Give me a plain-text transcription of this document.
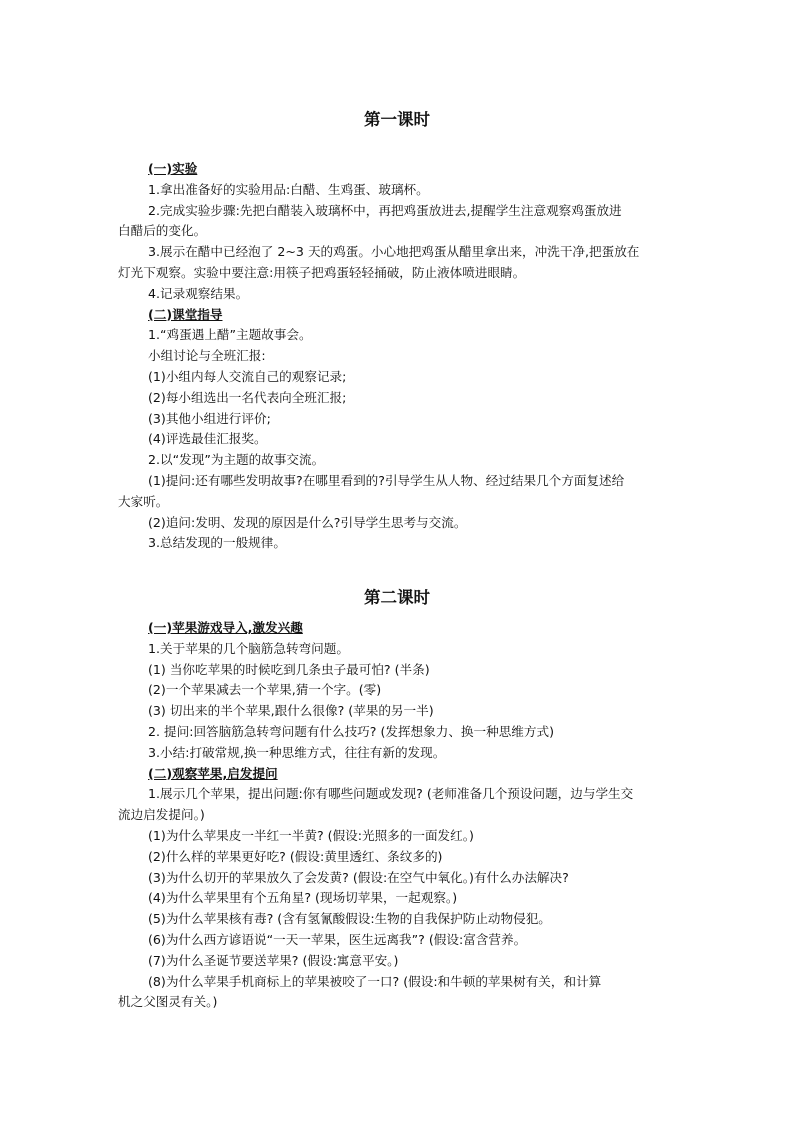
第一课时
(一)实验
1.拿出准备好的实验用品:白醋、生鸡蛋、玻璃杯。
2.完成实验步骤:先把白醋装入玻璃杯中，再把鸡蛋放进去,提醒学生注意观察鸡蛋放进
白醋后的变化。
3.展示在醋中已经泡了 2~3 天的鸡蛋。小心地把鸡蛋从醋里拿出来，冲洗干净,把蛋放在
灯光下观察。实验中要注意:用筷子把鸡蛋轻轻捅破，防止液体喷进眼睛。
4.记录观察结果。
(二)课堂指导
1.“鸡蛋遇上醋”主题故事会。
小组讨论与全班汇报:
(1)小组内每人交流自己的观察记录;
(2)每小组选出一名代表向全班汇报;
(3)其他小组进行评价;
(4)评选最佳汇报奖。
2.以“发现”为主题的故事交流。
(1)提问:还有哪些发明故事?在哪里看到的?引导学生从人物、经过结果几个方面复述给
大家听。
(2)追问:发明、发现的原因是什么?引导学生思考与交流。
3.总结发现的一般规律。
第二课时
(一)苹果游戏导入,激发兴趣
1.关于苹果的几个脑筋急转弯问题。
(1) 当你吃苹果的时候吃到几条虫子最可怕? (半条)
(2)一个苹果减去一个苹果,猜一个字。(零)
(3) 切出来的半个苹果,跟什么很像? (苹果的另一半)
2. 提问:回答脑筋急转弯问题有什么技巧? (发挥想象力、换一种思维方式)
3.小结:打破常规,换一种思维方式，往往有新的发现。
(二)观察苹果,启发提问
1.展示几个苹果，提出问题:你有哪些问题或发现? (老师准备几个预设问题，边与学生交
流边启发提问。)
(1)为什么苹果皮一半红一半黄? (假设:光照多的一面发红。)
(2)什么样的苹果更好吃? (假设:黄里透红、条纹多的)
(3)为什么切开的苹果放久了会发黄? (假设:在空气中氧化。)有什么办法解决?
(4)为什么苹果里有个五角星? (现场切苹果，一起观察。)
(5)为什么苹果核有毒? (含有氢氰酸假设:生物的自我保护防止动物侵犯。
(6)为什么西方谚语说“一天一苹果，医生远离我”? (假设:富含营养。
(7)为什么圣诞节要送苹果? (假设:寓意平安。)
(8)为什么苹果手机商标上的苹果被咬了一口? (假设:和牛顿的苹果树有关，和计算
机之父图灵有关。)
